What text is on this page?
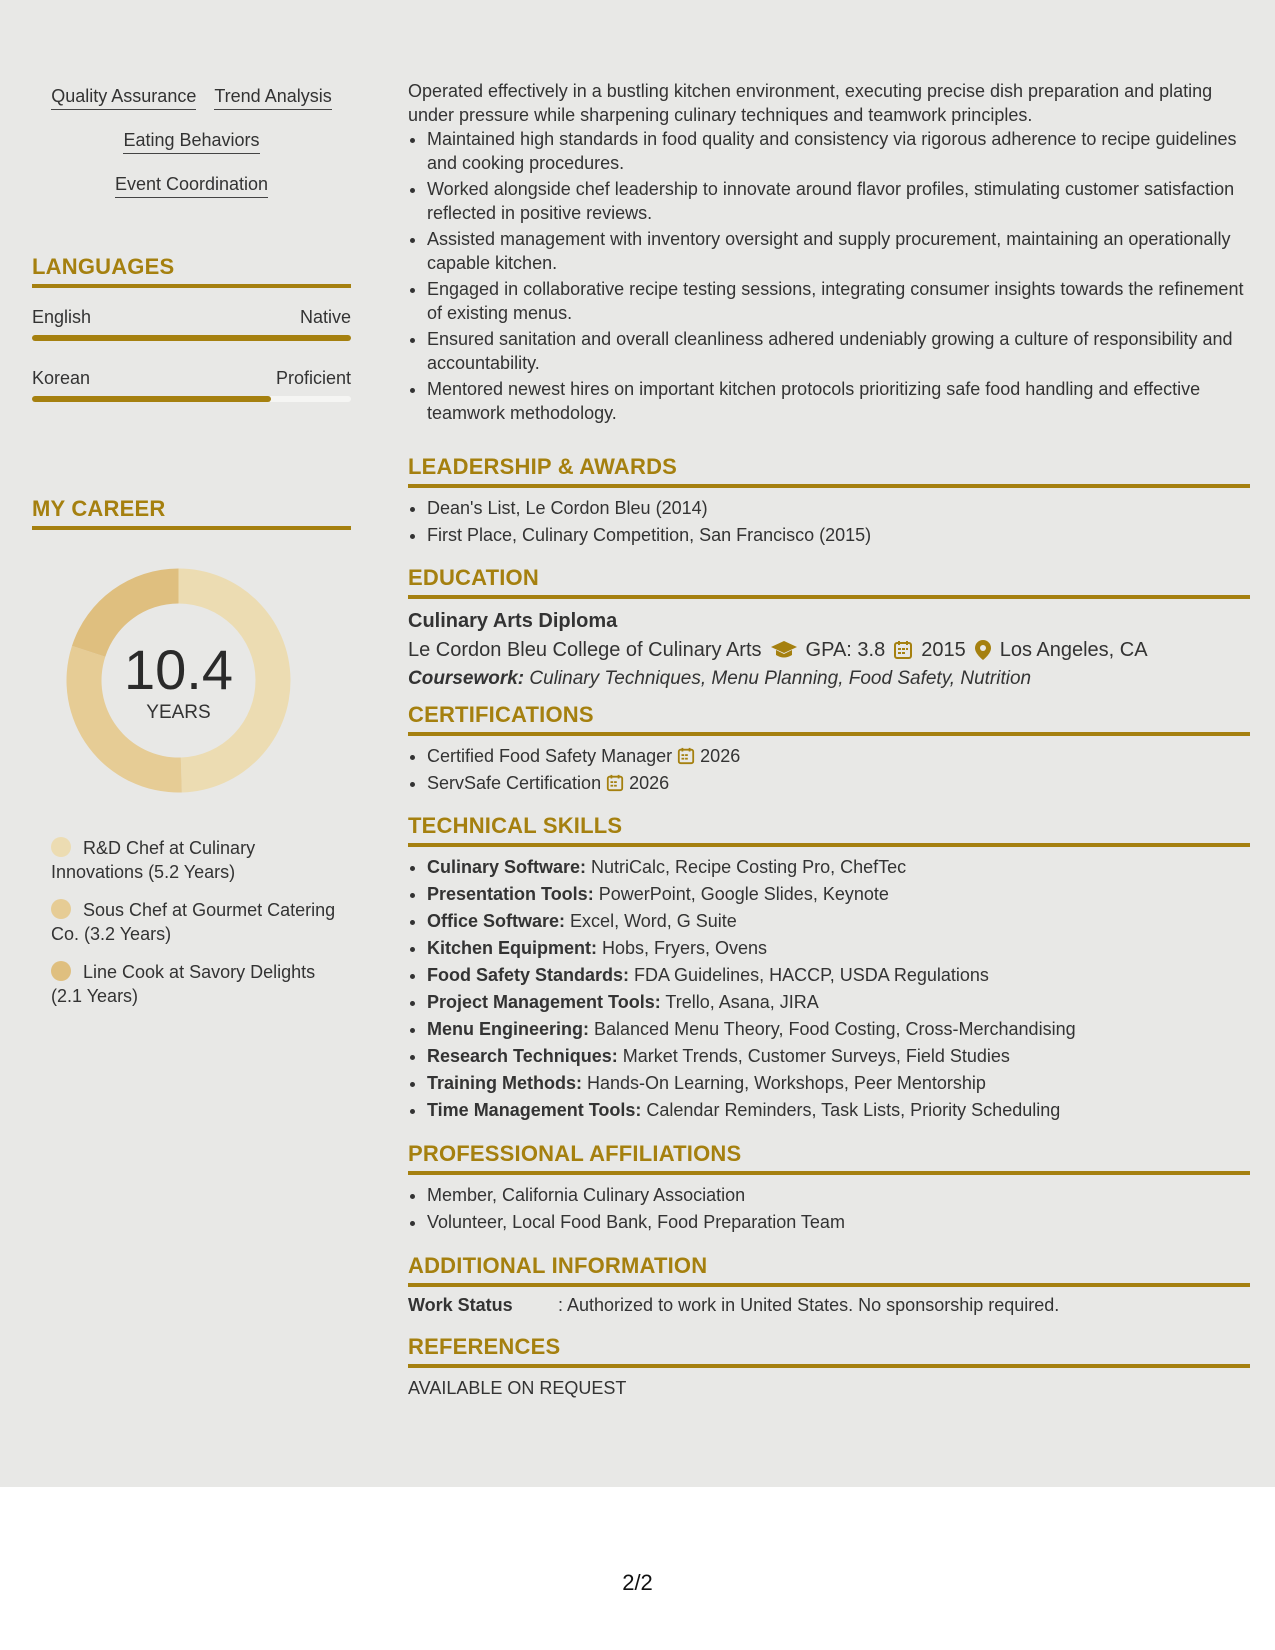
Quality Assurance Trend Analysis
Eating Behaviors
Event Coordination
LANGUAGES
English	Native
Korean	Proficient
MY CAREER
10.4
YEARS
R&D Chef at Culinary Innovations (5.2 Years)
Sous Chef at Gourmet Catering Co. (3.2 Years)
Line Cook at Savory Delights (2.1 Years)
Operated effectively in a bustling kitchen environment, executing precise dish preparation and plating under pressure while sharpening culinary techniques and teamwork principles.
• Maintained high standards in food quality and consistency via rigorous adherence to recipe guidelines and cooking procedures.
• Worked alongside chef leadership to innovate around flavor profiles, stimulating customer satisfaction reflected in positive reviews.
• Assisted management with inventory oversight and supply procurement, maintaining an operationally capable kitchen.
• Engaged in collaborative recipe testing sessions, integrating consumer insights towards the refinement of existing menus.
• Ensured sanitation and overall cleanliness adhered undeniably growing a culture of responsibility and accountability.
• Mentored newest hires on important kitchen protocols prioritizing safe food handling and effective teamwork methodology.
LEADERSHIP & AWARDS
• Dean's List, Le Cordon Bleu (2014)
• First Place, Culinary Competition, San Francisco (2015)
EDUCATION
Culinary Arts Diploma
Le Cordon Bleu College of Culinary Arts GPA: 3.8 2015 Los Angeles, CA
Coursework: Culinary Techniques, Menu Planning, Food Safety, Nutrition
CERTIFICATIONS
• Certified Food Safety Manager 2026
• ServSafe Certification 2026
TECHNICAL SKILLS
• Culinary Software: NutriCalc, Recipe Costing Pro, ChefTec
• Presentation Tools: PowerPoint, Google Slides, Keynote
• Office Software: Excel, Word, G Suite
• Kitchen Equipment: Hobs, Fryers, Ovens
• Food Safety Standards: FDA Guidelines, HACCP, USDA Regulations
• Project Management Tools: Trello, Asana, JIRA
• Menu Engineering: Balanced Menu Theory, Food Costing, Cross-Merchandising
• Research Techniques: Market Trends, Customer Surveys, Field Studies
• Training Methods: Hands-On Learning, Workshops, Peer Mentorship
• Time Management Tools: Calendar Reminders, Task Lists, Priority Scheduling
PROFESSIONAL AFFILIATIONS
• Member, California Culinary Association
• Volunteer, Local Food Bank, Food Preparation Team
ADDITIONAL INFORMATION
Work Status	: Authorized to work in United States. No sponsorship required.
REFERENCES
AVAILABLE ON REQUEST
2/2
